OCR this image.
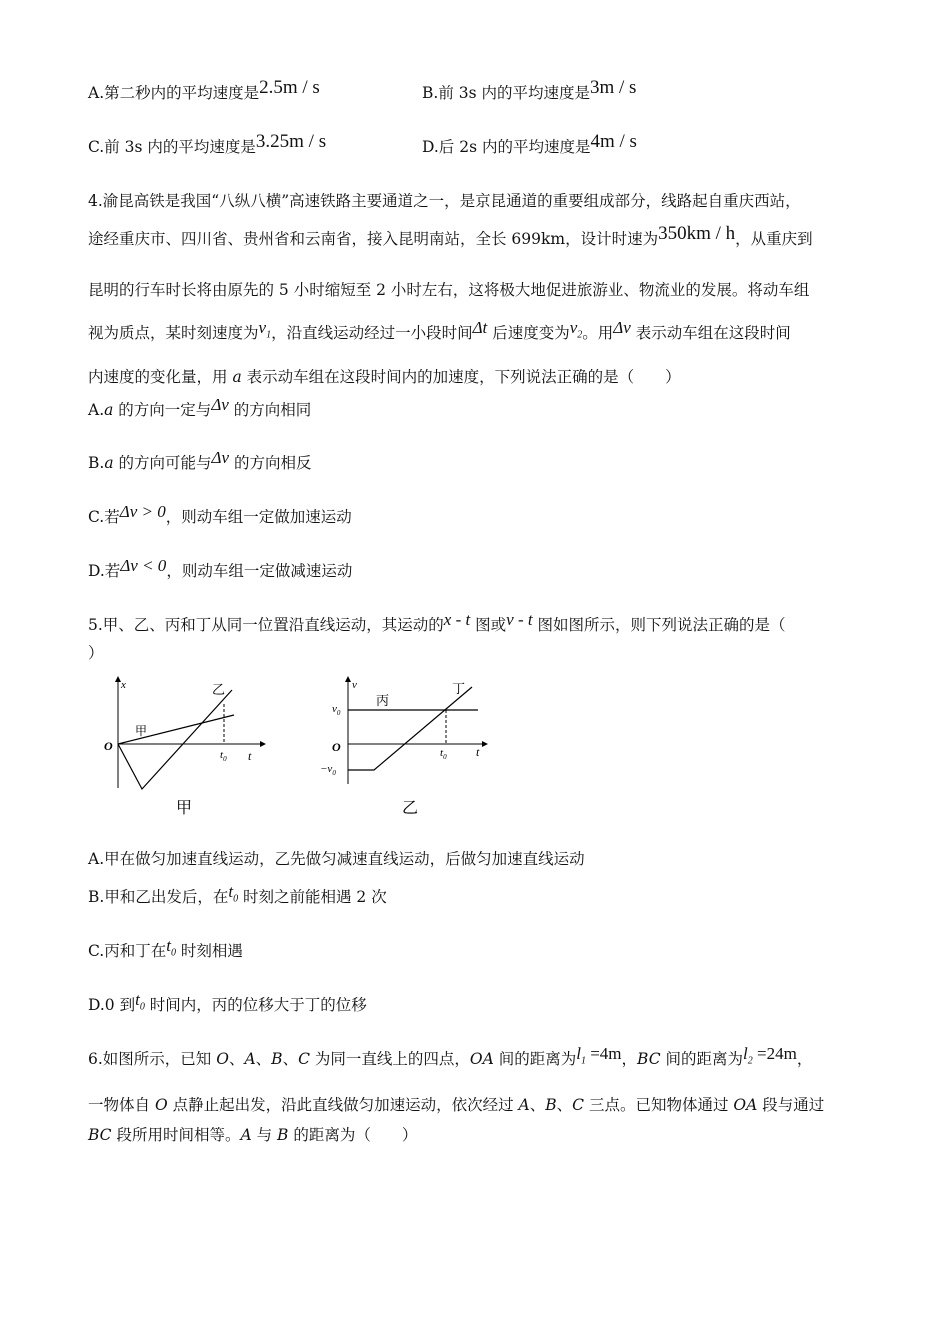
A.第二秒内的平均速度是2.5m / s	B.前 3s 内的平均速度是3m / s
C.前 3s 内的平均速度是3.25m / s	D.后 2s 内的平均速度是4m / s
4.渝昆高铁是我国“八纵八横”高速铁路主要通道之一，是京昆通道的重要组成部分，线路起自重庆西站，
途经重庆市、四川省、贵州省和云南省，接入昆明南站，全长 699km，设计时速为350km / h，从重庆到
昆明的行车时长将由原先的 5 小时缩短至 2 小时左右，这将极大地促进旅游业、物流业的发展。将动车组
视为质点，某时刻速度为$v_1$，沿直线运动经过一小段时间Δt 后速度变为$v_2$。用Δv 表示动车组在这段时间
内速度的变化量，用 a 表示动车组在这段时间内的加速度，下列说法正确的是（　　）
A.a 的方向一定与Δv 的方向相同
B.a 的方向可能与Δv 的方向相反
C.若Δv > 0，则动车组一定做加速运动
D.若Δv < 0，则动车组一定做减速运动
5.甲、乙、丙和丁从同一位置沿直线运动，其运动的x - t 图或v - t 图如图所示，则下列说法正确的是（
）
x
O
t
$t_0$
甲
乙
甲
v
O	t
$t_0$
$v_0$
$-v_0$
丙
丁
乙
A.甲在做匀加速直线运动，乙先做匀减速直线运动，后做匀加速直线运动
B.甲和乙出发后，在$t_0$ 时刻之前能相遇 2 次
C.丙和丁在$t_0$ 时刻相遇
D.0 到$t_0$ 时间内，丙的位移大于丁的位移
6.如图所示，已知 O、A、B、C 为同一直线上的四点，OA 间的距离为$l_1 =4m$，BC 间的距离为$l_2 =24m$，
一物体自 O 点静止起出发，沿此直线做匀加速运动，依次经过 A、B、C 三点。已知物体通过 OA 段与通过
BC 段所用时间相等。A 与 B 的距离为（　　）
